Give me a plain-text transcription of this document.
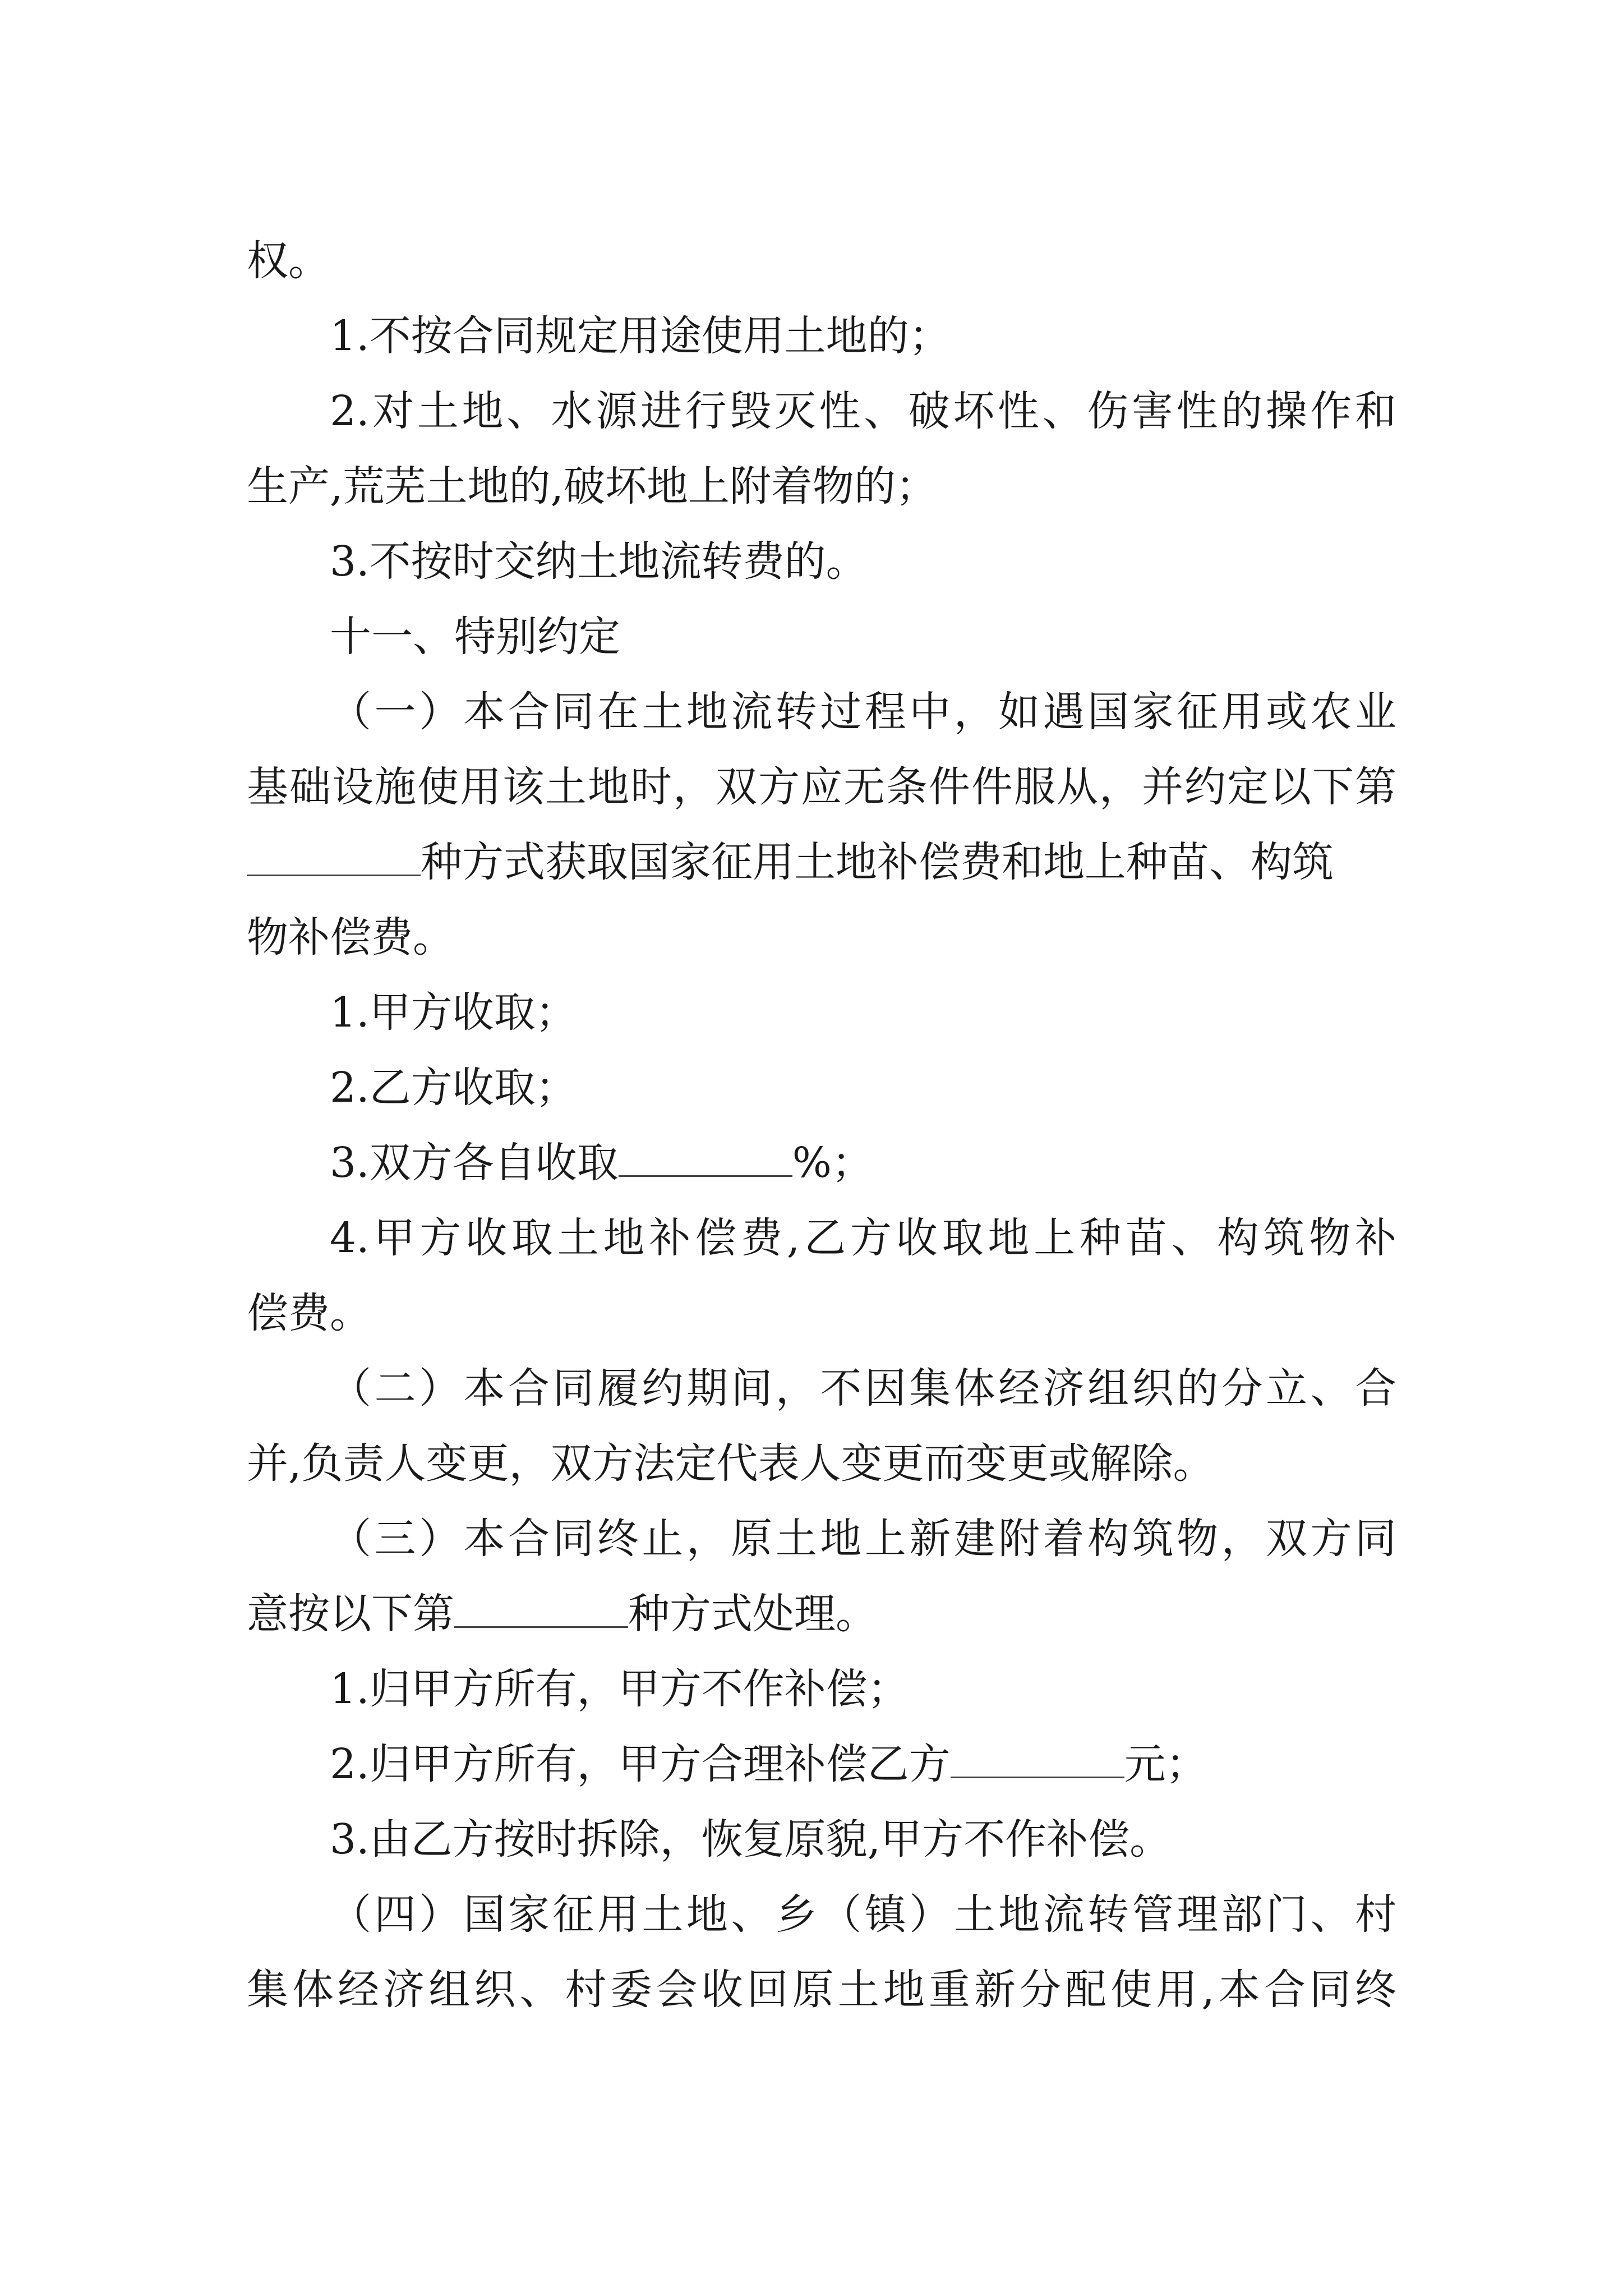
权。
1.不按合同规定用途使用土地的；
2.对土地、水源进行毁灭性、破坏性、伤害性的操作和
生产,荒芜土地的,破坏地上附着物的；
3.不按时交纳土地流转费的。
十一、特别约定
（一）本合同在土地流转过程中，如遇国家征用或农业
基础设施使用该土地时，双方应无条件件服从，并约定以下第
种方式获取国家征用土地补偿费和地上种苗、构筑
物补偿费。
1.甲方收取；
2.乙方收取；
3.双方各自收取	%；
4.甲方收取土地补偿费,乙方收取地上种苗、构筑物补
偿费。
（二）本合同履约期间，不因集体经济组织的分立、合
并,负责人变更，双方法定代表人变更而变更或解除。
（三）本合同终止，原土地上新建附着构筑物，双方同
意按以下第	种方式处理。
1.归甲方所有，甲方不作补偿；
2.归甲方所有，甲方合理补偿乙方	元；
3.由乙方按时拆除，恢复原貌,甲方不作补偿。
（四）国家征用土地、乡（镇）土地流转管理部门、村
集体经济组织、村委会收回原土地重新分配使用,本合同终
